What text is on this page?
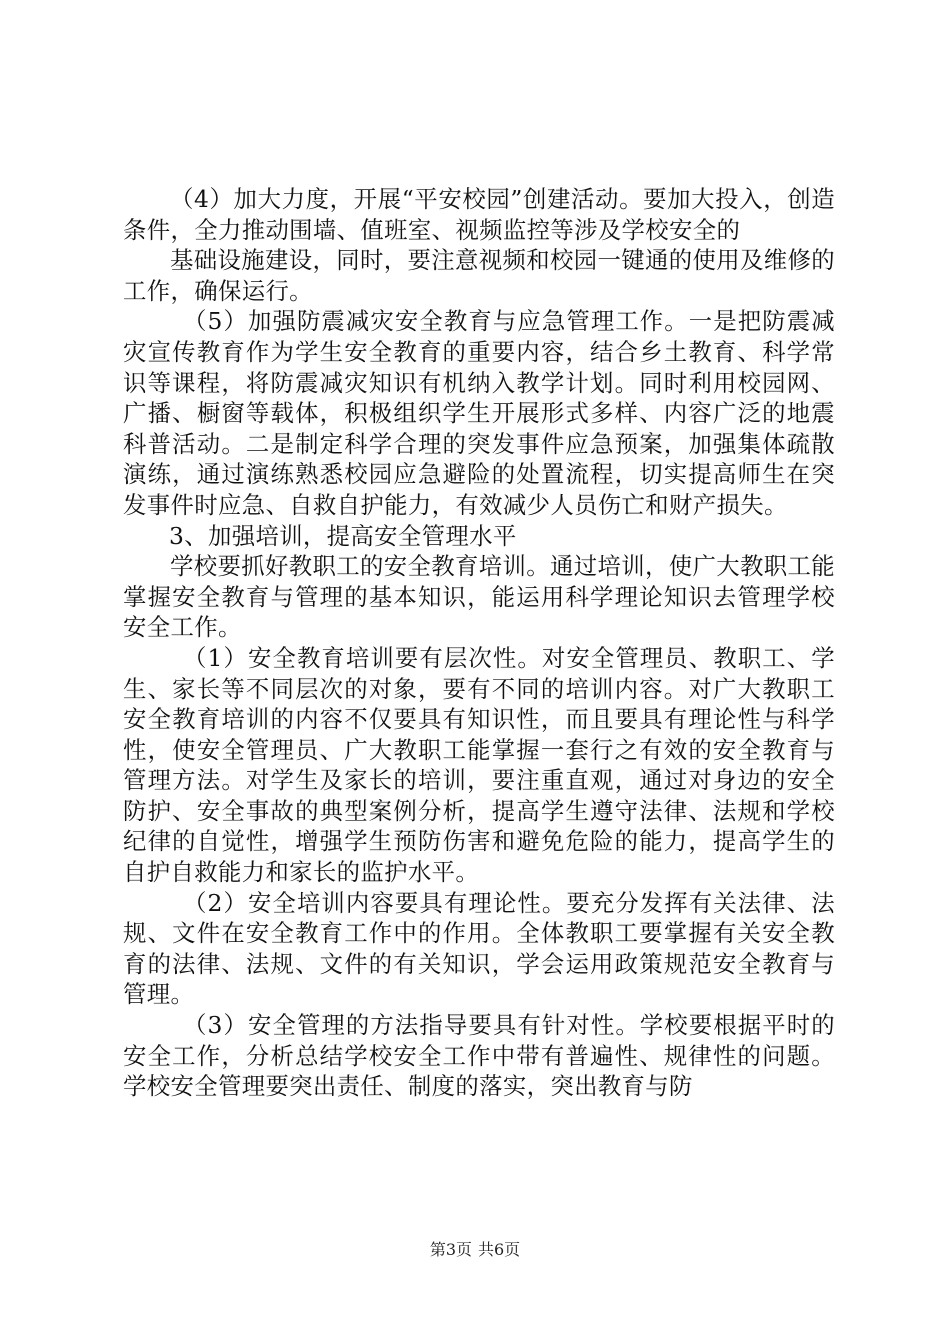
（4）加大力度，开展“平安校园”创建活动。要加大投入，创造条件，全力推动围墙、值班室、视频监控等涉及学校安全的

基础设施建设，同时，要注意视频和校园一键通的使用及维修的工作，确保运行。

（5）加强防震减灾安全教育与应急管理工作。一是把防震减灾宣传教育作为学生安全教育的重要内容，结合乡土教育、科学常识等课程，将防震减灾知识有机纳入教学计划。同时利用校园网、广播、橱窗等载体，积极组织学生开展形式多样、内容广泛的地震科普活动。二是制定科学合理的突发事件应急预案，加强集体疏散演练，通过演练熟悉校园应急避险的处置流程，切实提高师生在突发事件时应急、自救自护能力，有效减少人员伤亡和财产损失。

3、加强培训，提高安全管理水平

学校要抓好教职工的安全教育培训。通过培训，使广大教职工能掌握安全教育与管理的基本知识，能运用科学理论知识去管理学校安全工作。

（1）安全教育培训要有层次性。对安全管理员、教职工、学生、家长等不同层次的对象，要有不同的培训内容。对广大教职工安全教育培训的内容不仅要具有知识性，而且要具有理论性与科学性，使安全管理员、广大教职工能掌握一套行之有效的安全教育与管理方法。对学生及家长的培训，要注重直观，通过对身边的安全防护、安全事故的典型案例分析，提高学生遵守法律、法规和学校纪律的自觉性，增强学生预防伤害和避免危险的能力，提高学生的自护自救能力和家长的监护水平。

（2）安全培训内容要具有理论性。要充分发挥有关法律、法规、文件在安全教育工作中的作用。全体教职工要掌握有关安全教育的法律、法规、文件的有关知识，学会运用政策规范安全教育与管理。

（3）安全管理的方法指导要具有针对性。学校要根据平时的安全工作，分析总结学校安全工作中带有普遍性、规律性的问题。学校安全管理要突出责任、制度的落实，突出教育与防

第3页 共6页
